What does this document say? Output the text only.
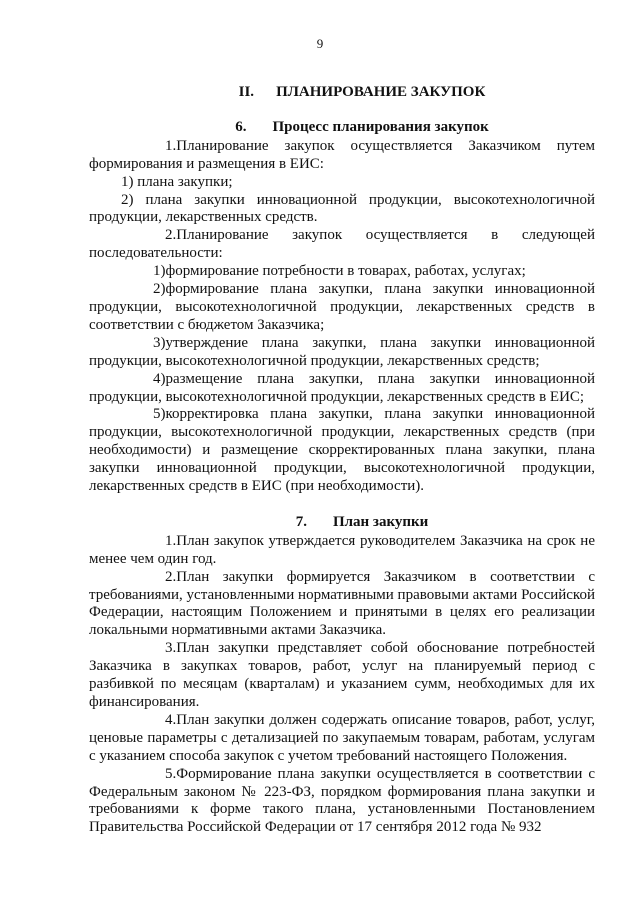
9
II. ПЛАНИРОВАНИЕ ЗАКУПОК
6. Процесс планирования закупок

1.Планирование закупок осуществляется Заказчиком путем формирования и размещения в ЕИС:

1) плана закупки;

2) плана закупки инновационной продукции, высокотехнологичной продукции, лекарственных средств.

2.Планирование закупок осуществляется в следующей последовательности:

1)формирование потребности в товарах, работах, услугах;

2)формирование плана закупки, плана закупки инновационной продукции, высокотехнологичной продукции, лекарственных средств в соответствии с бюджетом Заказчика;

3)утверждение плана закупки, плана закупки инновационной продукции, высокотехнологичной продукции, лекарственных средств;

4)размещение плана закупки, плана закупки инновационной продукции, высокотехнологичной продукции, лекарственных средств в ЕИС;

5)корректировка плана закупки, плана закупки инновационной продукции, высокотехнологичной продукции, лекарственных средств (при необходимости) и размещение скорректированных плана закупки, плана закупки инновационной продукции, высокотехнологичной продукции, лекарственных средств в ЕИС (при необходимости).

7. План закупки

1.План закупок утверждается руководителем Заказчика на срок не менее чем один год.

2.План закупки формируется Заказчиком в соответствии с требованиями, установленными нормативными правовыми актами Российской Федерации, настоящим Положением и принятыми в целях его реализации локальными нормативными актами Заказчика.

3.План закупки представляет собой обоснование потребностей Заказчика в закупках товаров, работ, услуг на планируемый период с разбивкой по месяцам (кварталам) и указанием сумм, необходимых для их финансирования.

4.План закупки должен содержать описание товаров, работ, услуг, ценовые параметры с детализацией по закупаемым товарам, работам, услугам с указанием способа закупок с учетом требований настоящего Положения.

5.Формирование плана закупки осуществляется в соответствии с Федеральным законом № 223-ФЗ, порядком формирования плана закупки и требованиями к форме такого плана, установленными Постановлением Правительства Российской Федерации от 17 сентября 2012 года № 932
